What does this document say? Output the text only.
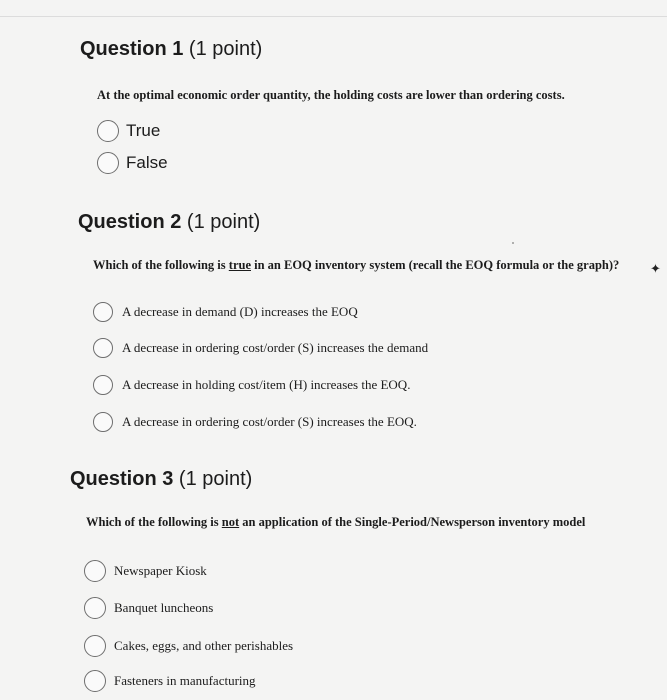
Question 1 (1 point)
At the optimal economic order quantity, the holding costs are lower than ordering costs.
True
False
Question 2 (1 point)
Which of the following is true in an EOQ inventory system (recall the EOQ formula or the graph)? ✦
A decrease in demand (D) increases the EOQ
A decrease in ordering cost/order (S) increases the demand
A decrease in holding cost/item (H) increases the EOQ.
A decrease in ordering cost/order (S) increases the EOQ.
Question 3 (1 point)
Which of the following is not an application of the Single-Period/Newsperson inventory model
Newspaper Kiosk
Banquet luncheons
Cakes, eggs, and other perishables
Fasteners in manufacturing
